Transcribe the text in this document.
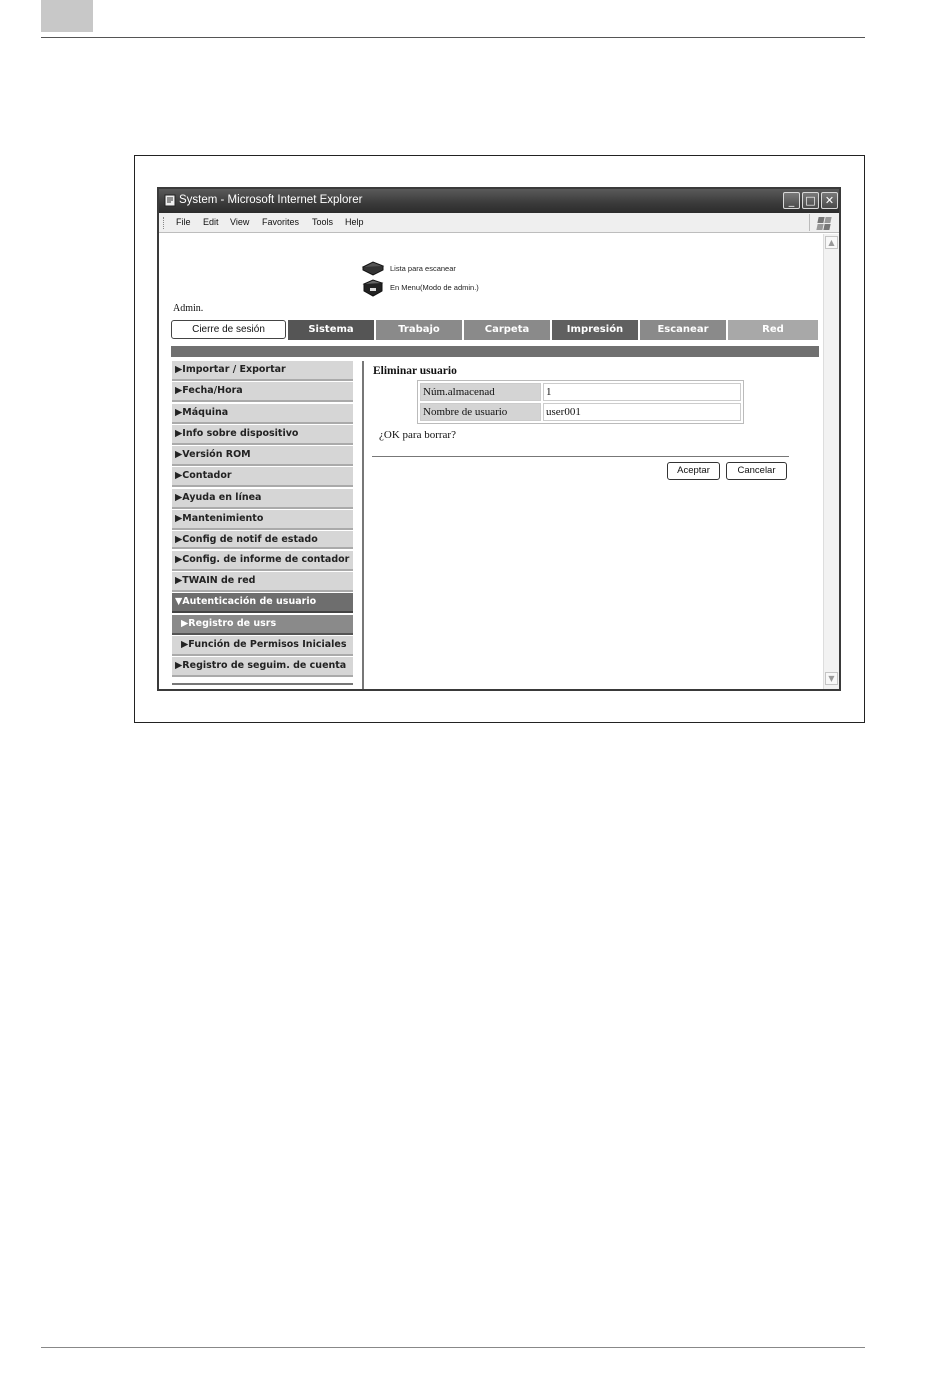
System - Microsoft Internet Explorer	_	□ ✕
File Edit View Favorites Tools Help
Lista para escanear
En Menu(Modo de admin.)
Admin.
Cierre de sesión	Sistema	Trabajo	Carpeta	Impresión	Escanear	Red
▶Importar / Exportar
▶Fecha/Hora
▶Máquina
▶Info sobre dispositivo
▶Versión ROM
▶Contador
▶Ayuda en línea
▶Mantenimiento
▶Config de notif de estado
▶Config. de informe de contador
▶TWAIN de red
▼Autenticación de usuario
▶Registro de usrs
▶Función de Permisos Iniciales
▶Registro de seguim. de cuenta
Eliminar usuario
Núm.almacenad	1
Nombre de usuario	user001
¿OK para borrar?
Aceptar	Cancelar
▲
▼
